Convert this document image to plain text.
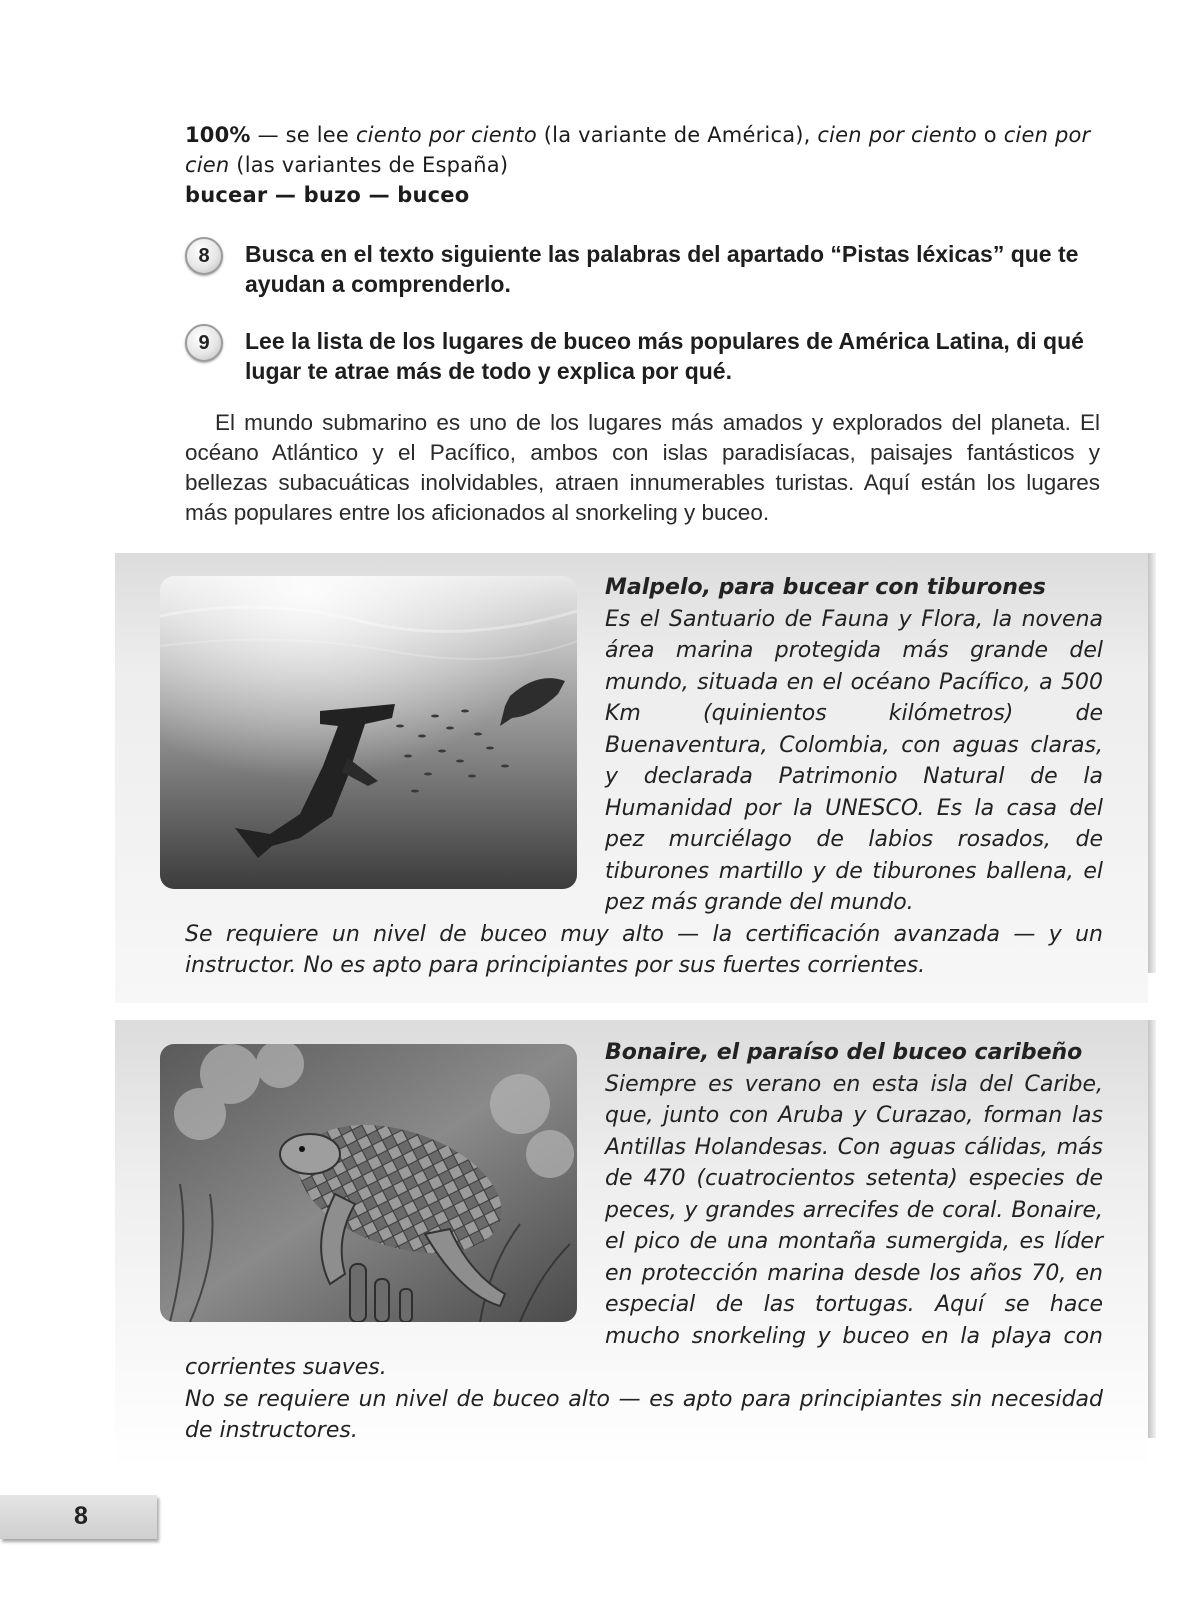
100% — se lee ciento por ciento (la variante de América), cien por ciento o cien por cien (las variantes de España)

bucear — buzo — buceo

8	Busca en el texto siguiente las palabras del apartado “Pistas léxicas” que te ayudan a comprenderlo.
9	Lee la lista de los lugares de buceo más populares de América Latina, di qué lugar te atrae más de todo y explica por qué.

El mundo submarino es uno de los lugares más amados y explorados del planeta. El océano Atlántico y el Pacífico, ambos con islas paradisíacas, paisajes fantásticos y bellezas subacuáticas inolvidables, atraen innumerables turistas. Aquí están los lugares más populares entre los aficionados al snorkeling y buceo.

Malpelo, para bucear con tiburones
Es el Santuario de Fauna y Flora, la novena área marina protegida más grande del mundo, situada en el océano Pacífico, a 500 Km (quinientos kilómetros) de Buenaventura, Colombia, con aguas claras, y declarada Patrimonio Natural de la Humanidad por la UNESCO. Es la casa del pez murciélago de labios rosados, de tiburones martillo y de tiburones ballena, el pez más grande del mundo.
Se requiere un nivel de buceo muy alto — la certificación avanzada — y un instructor. No es apto para principiantes por sus fuertes corrientes.

Bonaire, el paraíso del buceo caribeño
Siempre es verano en esta isla del Caribe, que, junto con Aruba y Curazao, forman las Antillas Holandesas. Con aguas cálidas, más de 470 (cuatrocientos setenta) especies de peces, y grandes arrecifes de coral. Bonaire, el pico de una montaña sumergida, es líder en protección marina desde los años 70, en especial de las tortugas. Aquí se hace mucho snorkeling y buceo en la playa con corrientes suaves.
No se requiere un nivel de buceo alto — es apto para principiantes sin necesidad de instructores.

8
